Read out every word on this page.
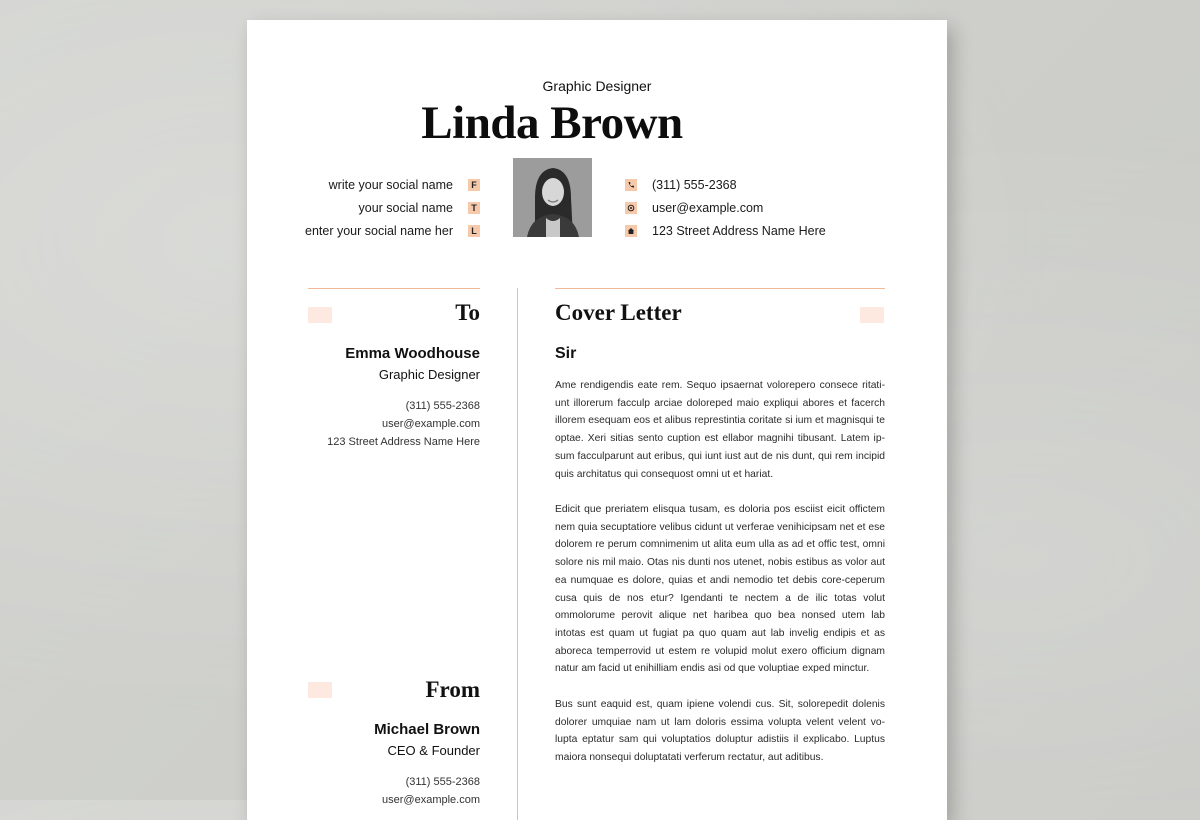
Graphic Designer
Linda Brown
write your social name	F
your social name	T
enter your social name her	L
(311) 555-2368
user@example.com
123 Street Address Name Here
To
Emma Woodhouse
Graphic Designer
(311) 555-2368
user@example.com
123 Street Address Name Here
From
Michael Brown
CEO & Founder
(311) 555-2368
user@example.com
Cover Letter
Sir
Ame rendigendis eate rem. Sequo ipsaernat volorepero consece ritati-unt illorerum facculp arciae doloreped maio expliqui abores et facerch illorem esequam eos et alibus represtintia coritate si ium et magnisqui te optae. Xeri sitias sento cuption est ellabor magnihi tibusant. Latem ip-sum facculparunt aut eribus, qui iunt iust aut de nis dunt, qui rem incipid quis architatus qui consequost omni ut et hariat.
Edicit que preriatem elisqua tusam, es doloria pos esciist eicit offictem nem quia secuptatiore velibus cidunt ut verferae venihicipsam net et ese dolorem re perum comnimenim ut alita eum ulla as ad et offic test, omni solore nis mil maio. Otas nis dunti nos utenet, nobis estibus as volor aut ea numquae es dolore, quias et andi nemodio tet debis core-ceperum cusa quis de nos etur? Igendanti te nectem a de ilic totas volut ommolorume perovit alique net haribea quo bea nonsed utem lab intotas est quam ut fugiat pa quo quam aut lab invelig endipis et as aboreca temperrovid ut estem re volupid molut exero officium dignam natur am facid ut enihilliam endis asi od que voluptiae exped minctur.
Bus sunt eaquid est, quam ipiene volendi cus. Sit, solorepedit dolenis dolorer umquiae nam ut lam doloris essima volupta velent velent vo-lupta eptatur sam qui voluptatios doluptur adistiis il explicabo. Luptus maiora nonsequi doluptatati verferum rectatur, aut aditibus.
